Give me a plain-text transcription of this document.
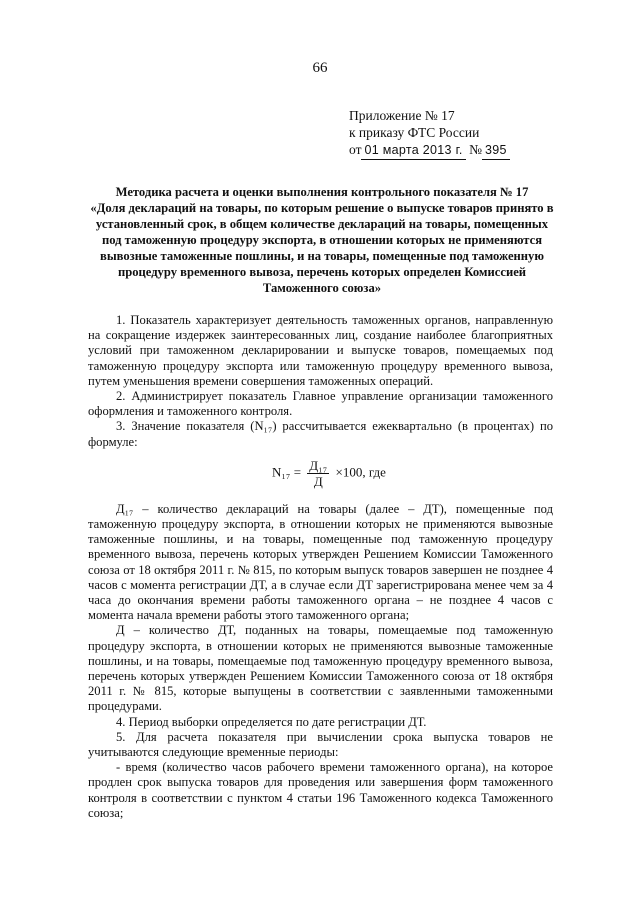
66
Приложение № 17
к приказу ФТС России
от 01 марта 2013 г. № 395
Методика расчета и оценки выполнения контрольного показателя № 17
«Доля деклараций на товары, по которым решение о выпуске товаров принято в
установленный срок, в общем количестве деклараций на товары, помещенных
под таможенную процедуру экспорта, в отношении которых не применяются
вывозные таможенные пошлины, и на товары, помещенные под таможенную
процедуру временного вывоза, перечень которых определен Комиссией
Таможенного союза»

1. Показатель характеризует деятельность таможенных органов, направленную на сокращение издержек заинтересованных лиц, создание наиболее благоприятных условий при таможенном декларировании и выпуске товаров, помещаемых под таможенную процедуру экспорта или таможенную процедуру временного вывоза, путем уменьшения времени совершения таможенных операций.

2. Администрирует показатель Главное управление организации таможенного оформления и таможенного контроля.

3. Значение показателя (N₁₇) рассчитывается ежеквартально (в процентах) по формуле:

$N_{17} = \frac{\text{Д₁₇}}{Д} \times 100$, где

Д₁₇ – количество деклараций на товары (далее – ДТ), помещенные под таможенную процедуру экспорта, в отношении которых не применяются вывозные таможенные пошлины, и на товары, помещенные под таможенную процедуру временного вывоза, перечень которых утвержден Решением Комиссии Таможенного союза от 18 октября 2011 г. № 815, по которым выпуск товаров завершен не позднее 4 часов с момента регистрации ДТ, а в случае если ДТ зарегистрирована менее чем за 4 часа до окончания времени работы таможенного органа – не позднее 4 часов с момента начала времени работы этого таможенного органа;

Д – количество ДТ, поданных на товары, помещаемые под таможенную процедуру экспорта, в отношении которых не применяются вывозные таможенные пошлины, и на товары, помещаемые под таможенную процедуру временного вывоза, перечень которых утвержден Решением Комиссии Таможенного союза от 18 октября 2011 г. № 815, которые выпущены в соответствии с заявленными таможенными процедурами.

4. Период выборки определяется по дате регистрации ДТ.

5. Для расчета показателя при вычислении срока выпуска товаров не учитываются следующие временные периоды:

- время (количество часов рабочего времени таможенного органа), на которое продлен срок выпуска товаров для проведения или завершения форм таможенного контроля в соответствии с пунктом 4 статьи 196 Таможенного кодекса Таможенного союза;
